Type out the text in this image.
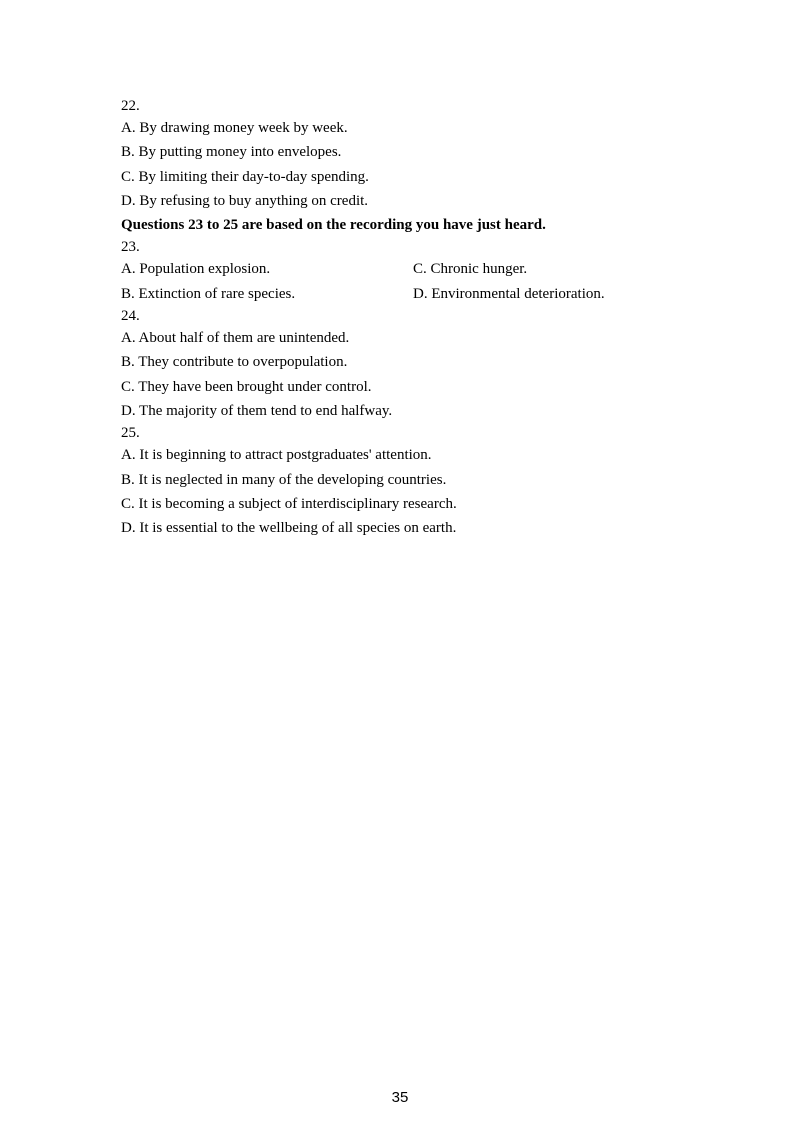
22.
A. By drawing money week by week.
B. By putting money into envelopes.
C. By limiting their day-to-day spending.
D. By refusing to buy anything on credit.
Questions 23 to 25 are based on the recording you have just heard.
23.
A. Population explosion.	C. Chronic hunger.
B. Extinction of rare species.	D. Environmental deterioration.
24.
A. About half of them are unintended.
B. They contribute to overpopulation.
C. They have been brought under control.
D. The majority of them tend to end halfway.
25.
A. It is beginning to attract postgraduates' attention.
B. It is neglected in many of the developing countries.
C. It is becoming a subject of interdisciplinary research.
D. It is essential to the wellbeing of all species on earth.
35
